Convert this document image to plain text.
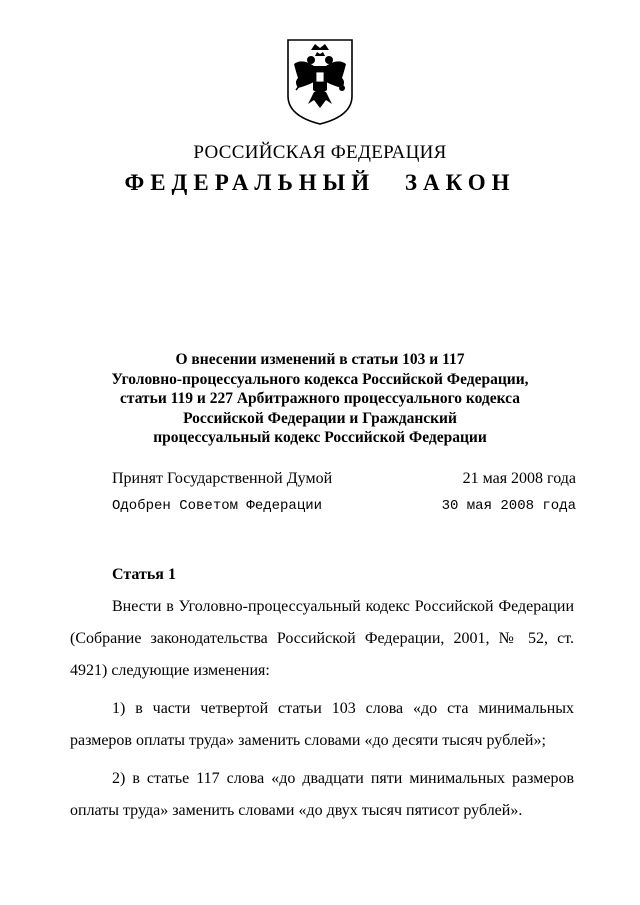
РОССИЙСКАЯ ФЕДЕРАЦИЯ
ФЕДЕРАЛЬНЫЙ ЗАКОН
О внесении изменений в статьи 103 и 117
Уголовно-процессуального кодекса Российской Федерации,
статьи 119 и 227 Арбитражного процессуального кодекса
Российской Федерации и Гражданский
процессуальный кодекс Российской Федерации
Принят Государственной Думой	21 мая 2008 года
Одобрен Советом Федерации	30 мая 2008 года
Статья 1
Внести в Уголовно-процессуальный кодекс Российской Федерации (Собрание законодательства Российской Федерации, 2001, № 52, ст. 4921) следующие изменения:
1) в части четвертой статьи 103 слова «до ста минимальных размеров оплаты труда» заменить словами «до десяти тысяч рублей»;
2) в статье 117 слова «до двадцати пяти минимальных размеров оплаты труда» заменить словами «до двух тысяч пятисот рублей».
